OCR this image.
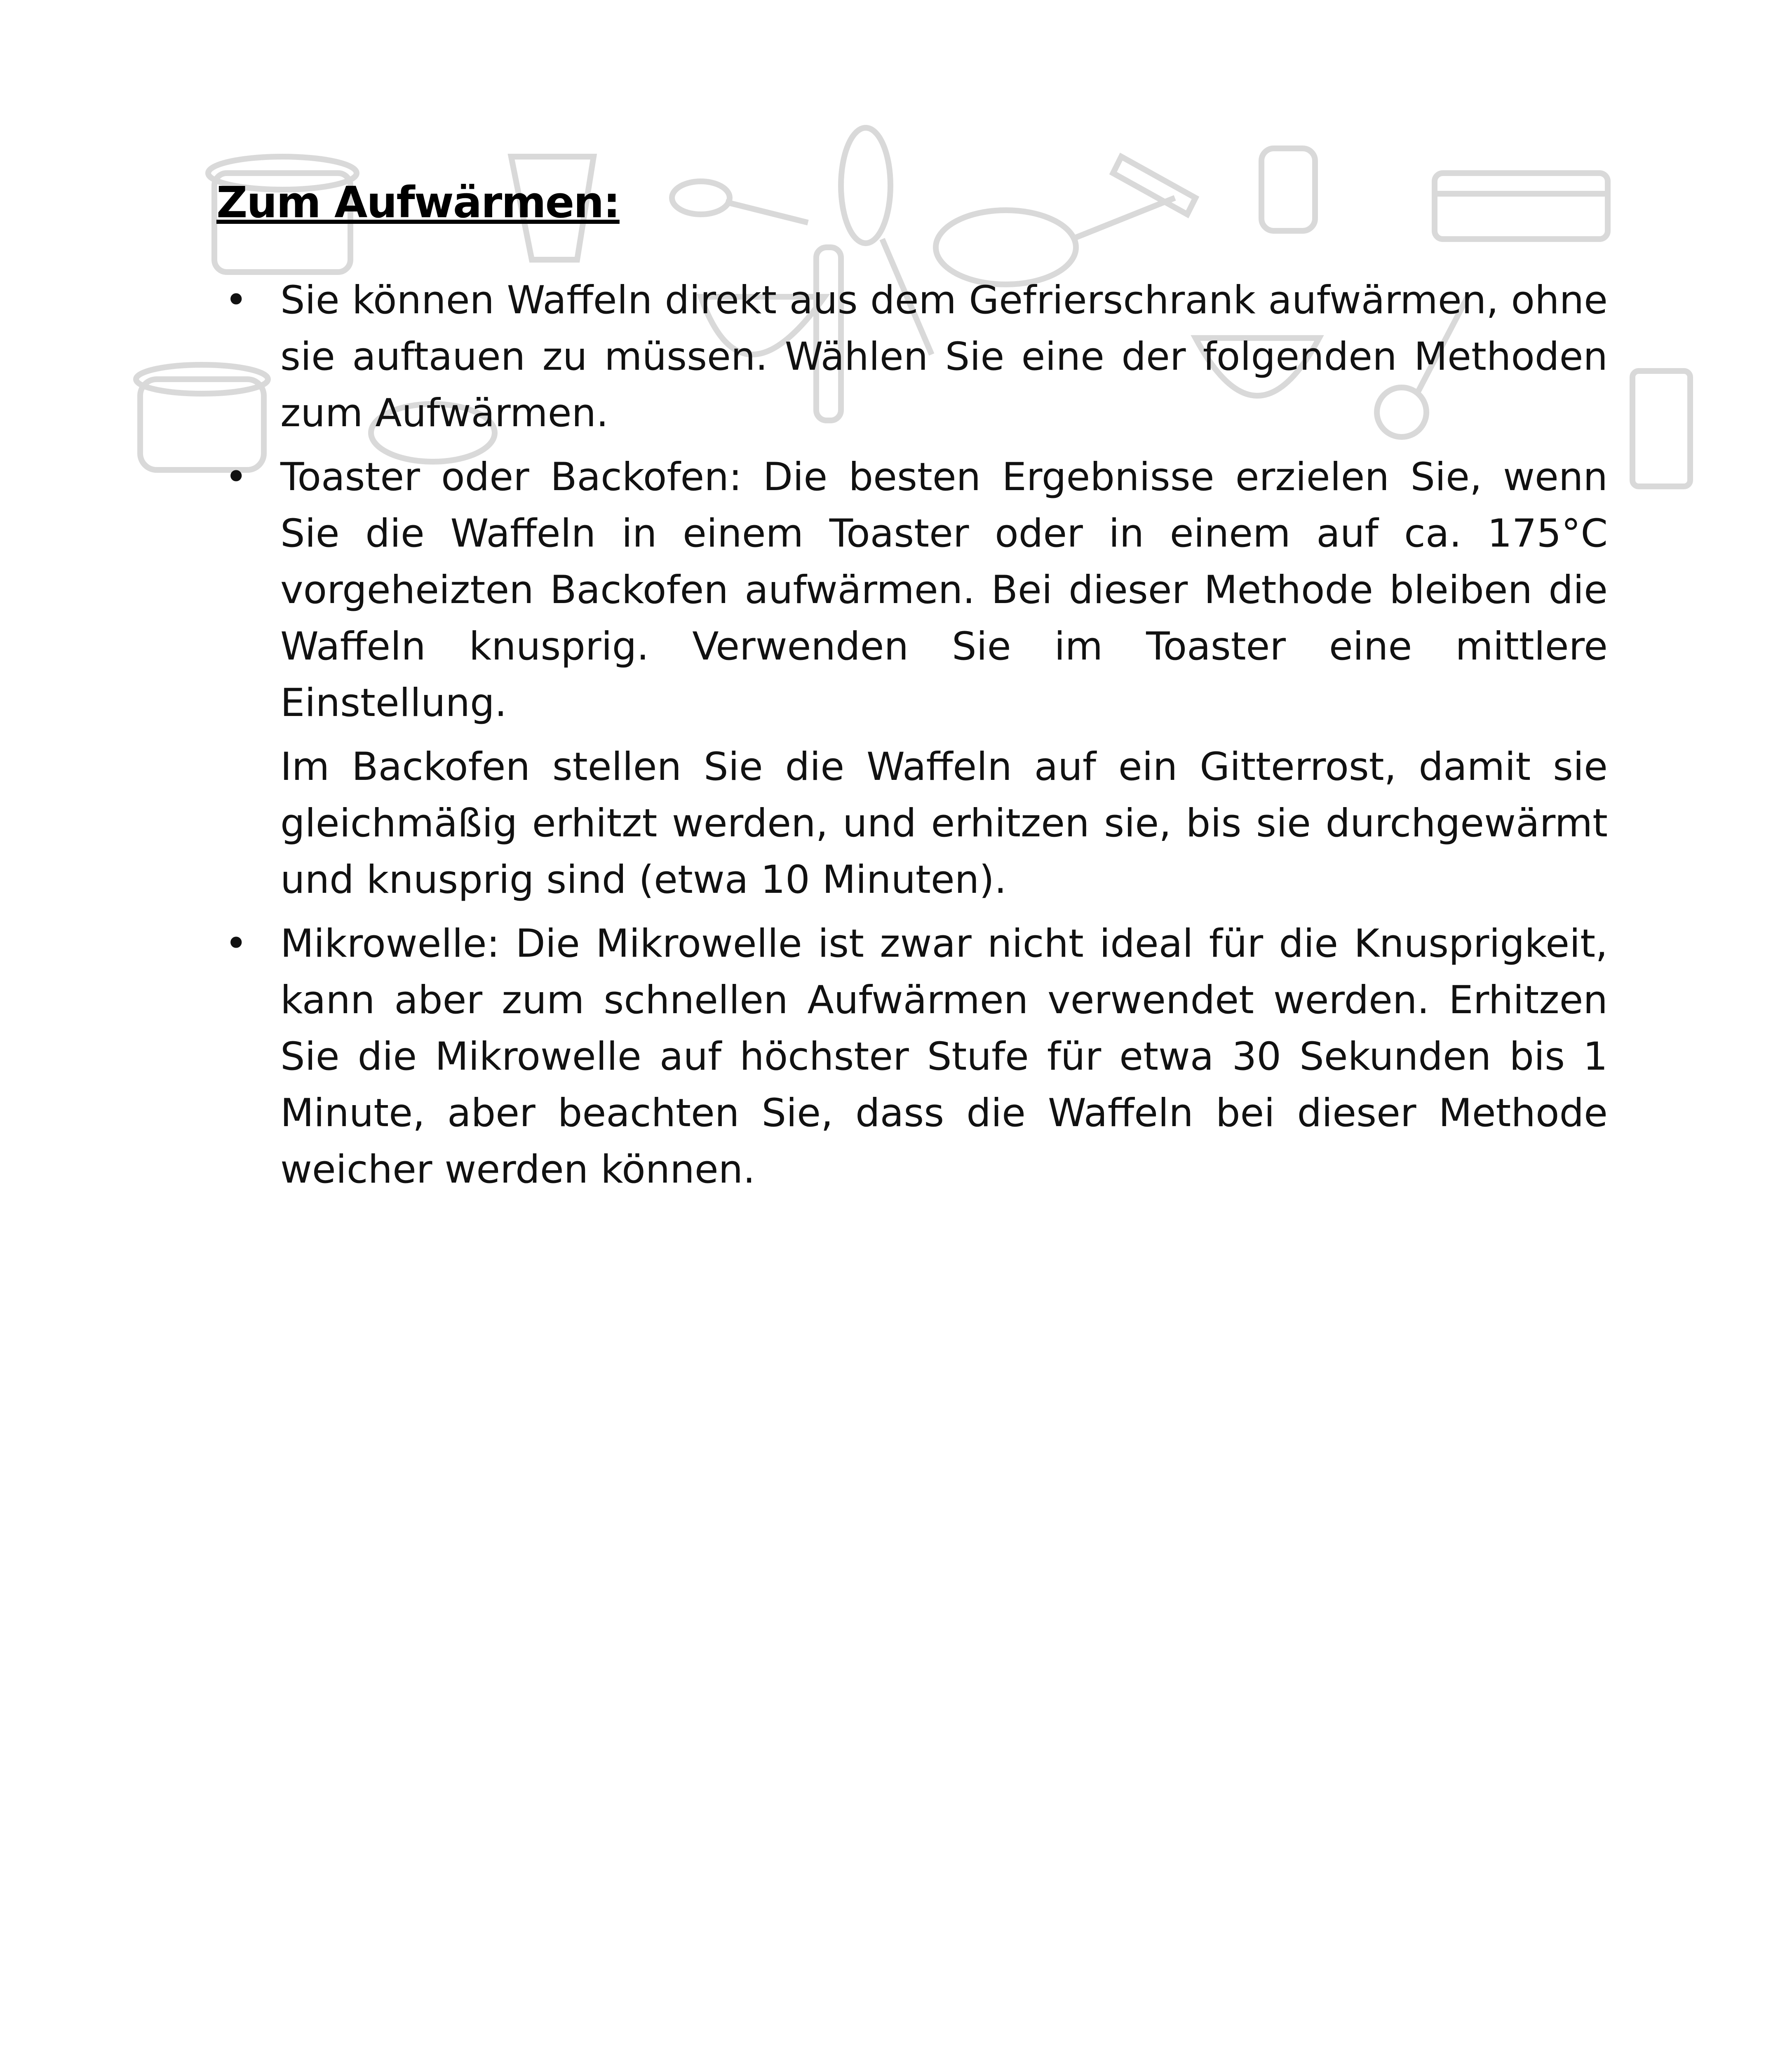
Zum Aufwärmen:
• Sie können Waffeln direkt aus dem Gefrierschrank aufwärmen, ohne sie auftauen zu müssen. Wählen Sie eine der folgenden Methoden zum Aufwärmen.

• Toaster oder Backofen: Die besten Ergebnisse erzielen Sie, wenn Sie die Waffeln in einem Toaster oder in einem auf ca. 175°C vorgeheizten Backofen aufwärmen. Bei dieser Methode bleiben die Waffeln knusprig. Verwenden Sie im Toaster eine mittlere Einstellung.

Im Backofen stellen Sie die Waffeln auf ein Gitterrost, damit sie gleichmäßig erhitzt werden, und erhitzen sie, bis sie durchgewärmt und knusprig sind (etwa 10 Minuten).

• Mikrowelle: Die Mikrowelle ist zwar nicht ideal für die Knusprigkeit, kann aber zum schnellen Aufwärmen verwendet werden. Erhitzen Sie die Mikrowelle auf höchster Stufe für etwa 30 Sekunden bis 1 Minute, aber beachten Sie, dass die Waffeln bei dieser Methode weicher werden können.
